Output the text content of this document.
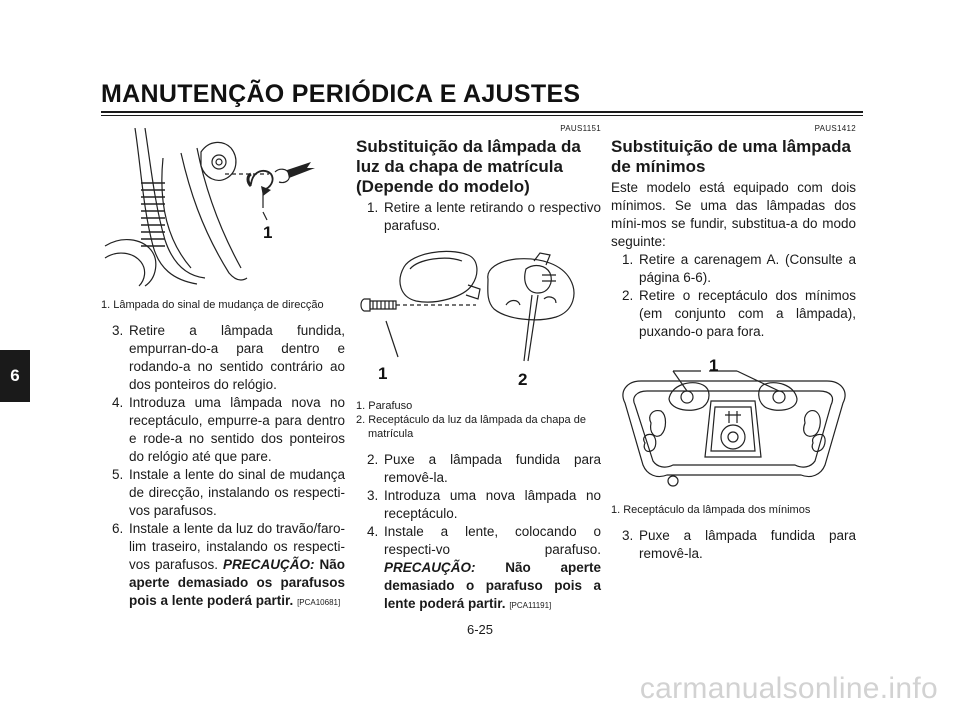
MANUTENÇÃO PERIÓDICA E AJUSTES
6
1
1. Lâmpada do sinal de mudança de direcção
3. Retire a lâmpada fundida, empurran-do-a para dentro e rodando-a no sentido contrário ao dos ponteiros do relógio.
4. Introduza uma lâmpada nova no receptáculo, empurre-a para dentro e rode-a no sentido dos ponteiros do relógio até que pare.
5. Instale a lente do sinal de mudança de direcção, instalando os respecti-vos parafusos.
6. Instale a lente da luz do travão/faro-lim traseiro, instalando os respecti-vos parafusos. PRECAUÇÃO: Não aperte demasiado os parafusos pois a lente poderá partir. [PCA10681]
PAUS1151
Substituição da lâmpada da luz da chapa de matrícula (Depende do modelo)
1. Retire a lente retirando o respectivo parafuso.
1	2
1. Parafuso
2. Receptáculo da luz da lâmpada da chapa de matrícula
2. Puxe a lâmpada fundida para removê-la.
3. Introduza uma nova lâmpada no receptáculo.
4. Instale a lente, colocando o respecti-vo parafuso. PRECAUÇÃO: Não aperte demasiado o parafuso pois a lente poderá partir. [PCA11191]
PAUS1412
Substituição de uma lâmpada de mínimos
Este modelo está equipado com dois mínimos. Se uma das lâmpadas dos míni-mos se fundir, substitua-a do modo seguinte:
1. Retire a carenagem A. (Consulte a página 6-6).
2. Retire o receptáculo dos mínimos (em conjunto com a lâmpada), puxando-o para fora.
1
1. Receptáculo da lâmpada dos mínimos
3. Puxe a lâmpada fundida para removê-la.
6-25
carmanualsonline.info
